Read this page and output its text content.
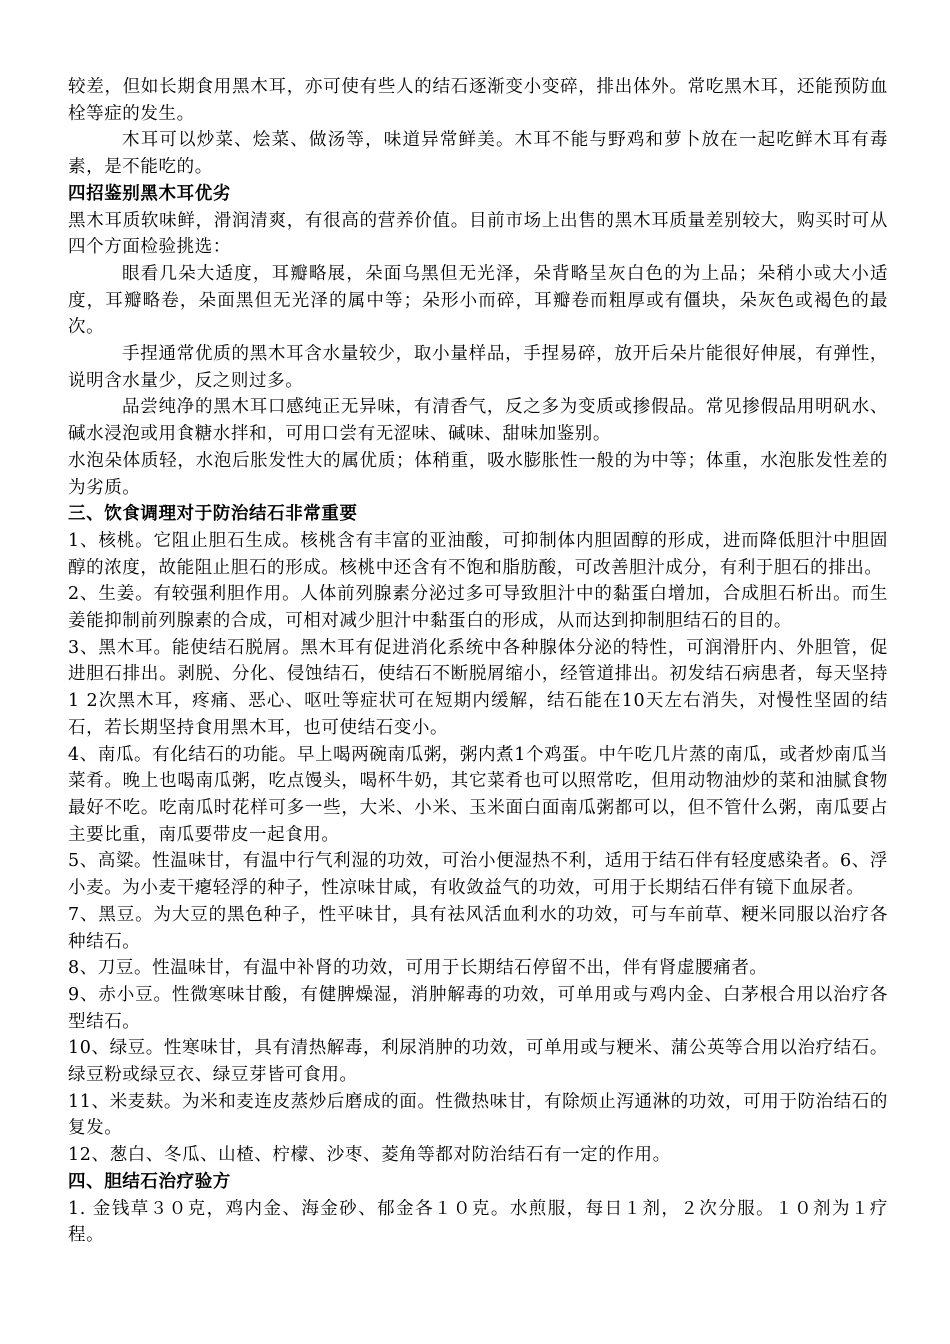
较差，但如长期食用黑木耳，亦可使有些人的结石逐渐变小变碎，排出体外。常吃黑木耳，还能预防血栓等症的发生。

木耳可以炒菜、烩菜、做汤等，味道异常鲜美。木耳不能与野鸡和萝卜放在一起吃鲜木耳有毒素，是不能吃的。

四招鉴别黑木耳优劣

黑木耳质软味鲜，滑润清爽，有很高的营养价值。目前市场上出售的黑木耳质量差别较大，购买时可从四个方面检验挑选：

眼看几朵大适度，耳瓣略展，朵面乌黑但无光泽，朵背略呈灰白色的为上品；朵稍小或大小适度，耳瓣略卷，朵面黑但无光泽的属中等；朵形小而碎，耳瓣卷而粗厚或有僵块，朵灰色或褐色的最次。

手捏通常优质的黑木耳含水量较少，取小量样品，手捏易碎，放开后朵片能很好伸展，有弹性，说明含水量少，反之则过多。

品尝纯净的黑木耳口感纯正无异味，有清香气，反之多为变质或掺假品。常见掺假品用明矾水、碱水浸泡或用食糖水拌和，可用口尝有无涩味、碱味、甜味加鉴别。

水泡朵体质轻，水泡后胀发性大的属优质；体稍重，吸水膨胀性一般的为中等；体重，水泡胀发性差的为劣质。

三、饮食调理对于防治结石非常重要

1、核桃。它阻止胆石生成。核桃含有丰富的亚油酸，可抑制体内胆固醇的形成，进而降低胆汁中胆固醇的浓度，故能阻止胆石的形成。核桃中还含有不饱和脂肪酸，可改善胆汁成分，有利于胆石的排出。

2、生姜。有较强利胆作用。人体前列腺素分泌过多可导致胆汁中的黏蛋白增加，合成胆石析出。而生姜能抑制前列腺素的合成，可相对减少胆汁中黏蛋白的形成，从而达到抑制胆结石的目的。

3、黑木耳。能使结石脱屑。黑木耳有促进消化系统中各种腺体分泌的特性，可润滑肝内、外胆管，促进胆石排出。剥脱、分化、侵蚀结石，使结石不断脱屑缩小，经管道排出。初发结石病患者，每天坚持1 2次黑木耳，疼痛、恶心、呕吐等症状可在短期内缓解，结石能在10天左右消失，对慢性坚固的结石，若长期坚持食用黑木耳，也可使结石变小。

4、南瓜。有化结石的功能。早上喝两碗南瓜粥，粥内煮1个鸡蛋。中午吃几片蒸的南瓜，或者炒南瓜当菜肴。晚上也喝南瓜粥，吃点馒头，喝杯牛奶，其它菜肴也可以照常吃，但用动物油炒的菜和油腻食物最好不吃。吃南瓜时花样可多一些，大米、小米、玉米面白面南瓜粥都可以，但不管什么粥，南瓜要占主要比重，南瓜要带皮一起食用。

5、高粱。性温味甘，有温中行气利湿的功效，可治小便湿热不利，适用于结石伴有轻度感染者。6、浮小麦。为小麦干瘪轻浮的种子，性凉味甘咸，有收敛益气的功效，可用于长期结石伴有镜下血尿者。

7、黑豆。为大豆的黑色种子，性平味甘，具有祛风活血利水的功效，可与车前草、粳米同服以治疗各种结石。

8、刀豆。性温味甘，有温中补肾的功效，可用于长期结石停留不出，伴有肾虚腰痛者。

9、赤小豆。性微寒味甘酸，有健脾燥湿，消肿解毒的功效，可单用或与鸡内金、白茅根合用以治疗各型结石。

10、绿豆。性寒味甘，具有清热解毒，利尿消肿的功效，可单用或与粳米、蒲公英等合用以治疗结石。绿豆粉或绿豆衣、绿豆芽皆可食用。

11、米麦麸。为米和麦连皮蒸炒后磨成的面。性微热味甘，有除烦止泻通淋的功效，可用于防治结石的复发。

12、葱白、冬瓜、山楂、柠檬、沙枣、菱角等都对防治结石有一定的作用。

四、胆结石治疗验方

1. 金钱草３０克，鸡内金、海金砂、郁金各１０克。水煎服，每日１剂，２次分服。１０剂为１疗程。
